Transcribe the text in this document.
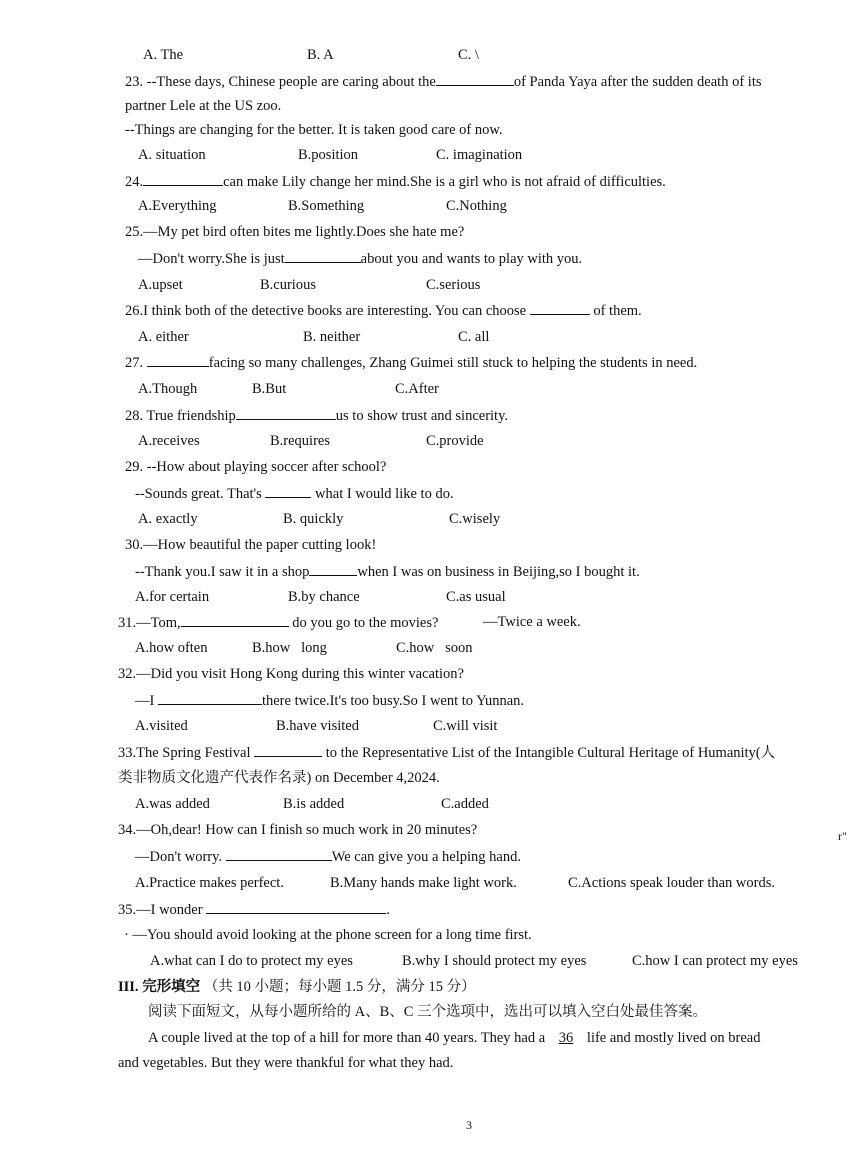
A. The	B. A	C. \
23. --These days, Chinese people are caring about the	of Panda Yaya after the sudden death of its
partner Lele at the US zoo.
--Things are changing for the better. It is taken good care of now.
A. situation	B.position	C. imagination
24.	can make Lily change her mind.She is a girl who is not afraid of difficulties.
A.Everything	B.Something	C.Nothing
25.—My pet bird often bites me lightly.Does she hate me?
—Don't worry.She is just	about you and wants to play with you.
A.upset	B.curious	C.serious
26.I think both of the detective books are interesting. You can choose	of them.
A. either	B. neither	C. all
27.	facing so many challenges, Zhang Guimei still stuck to helping the students in need.
A.Though	B.But	C.After
28. True friendship	us to show trust and sincerity.
A.receives	B.requires	C.provide
29. --How about playing soccer after school?
--Sounds great. That's	what I would like to do.
A. exactly	B. quickly	C.wisely
30.—How beautiful the paper cutting look!
--Thank you.I saw it in a shop	when I was on business in Beijing,so I bought it.
A.for certain	B.by chance	C.as usual
31.—Tom,	do you go to the movies?	—Twice a week.
A.how often	B.how   long	C.how   soon
32.—Did you visit Hong Kong during this winter vacation?
—I	there twice.It's too busy.So I went to Yunnan.
A.visited	B.have visited	C.will visit
33.The Spring Festival	to the Representative List of the Intangible Cultural Heritage of Humanity(人
类非物质文化遗产代表作名录) on December 4,2024.
A.was added	B.is added	C.added
34.—Oh,dear! How can I finish so much work in 20 minutes?
—Don't worry.	We can give you a helping hand.
A.Practice makes perfect.	B.Many hands make light work.	C.Actions speak louder than words.
35.—I wonder	.
· —You should avoid looking at the phone screen for a long time first.
A.what can I do to protect my eyes	B.why I should protect my eyes	C.how I can protect my eyes
III. 完形填空 （共 10 小题；每小题 1.5 分，满分 15 分）
阅读下面短文，从每小题所给的 A、B、C 三个选项中，选出可以填入空白处最佳答案。
A couple lived at the top of a hill for more than 40 years. They had a 36 life and mostly lived on bread
and vegetables. But they were thankful for what they had.
r"
3
